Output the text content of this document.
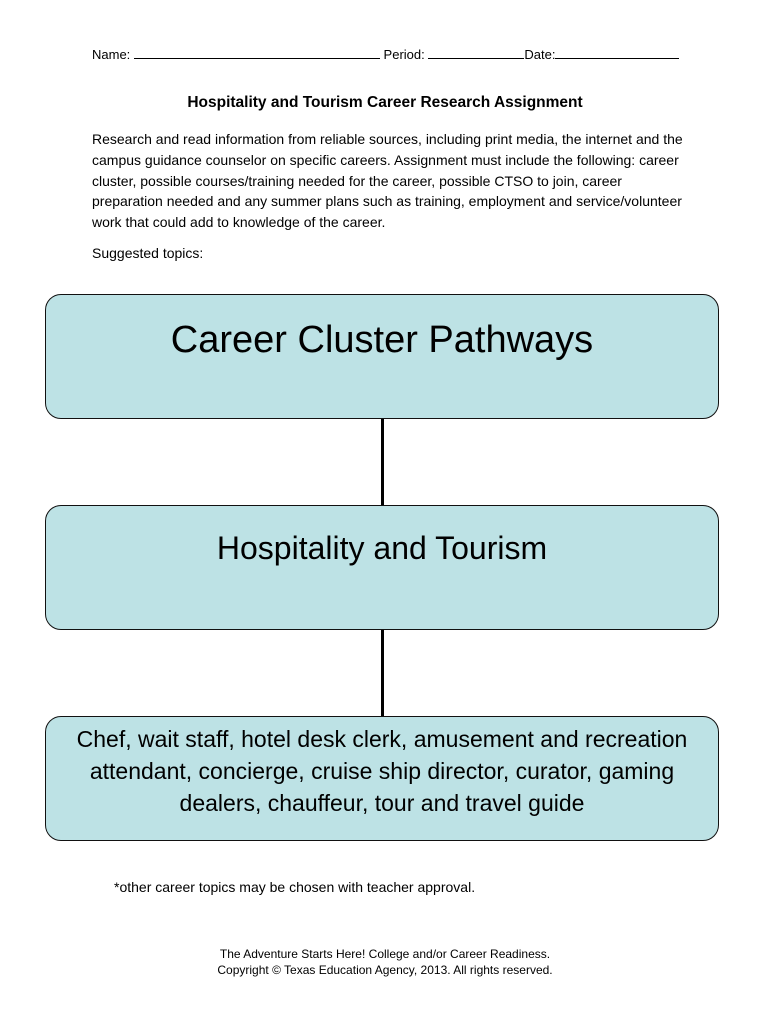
Name:	Period:	Date:
Hospitality and Tourism Career Research Assignment
Research and read information from reliable sources, including print media, the internet and the campus guidance counselor on specific careers. Assignment must include the following: career cluster, possible courses/training needed for the career, possible CTSO to join, career preparation needed and any summer plans such as training, employment and service/volunteer work that could add to knowledge of the career.
Suggested topics:
Career Cluster Pathways
Hospitality and Tourism
Chef, wait staff, hotel desk clerk, amusement and recreation attendant, concierge, cruise ship director, curator, gaming dealers, chauffeur, tour and travel guide
*other career topics may be chosen with teacher approval.
The Adventure Starts Here! College and/or Career Readiness.
Copyright © Texas Education Agency, 2013. All rights reserved.
